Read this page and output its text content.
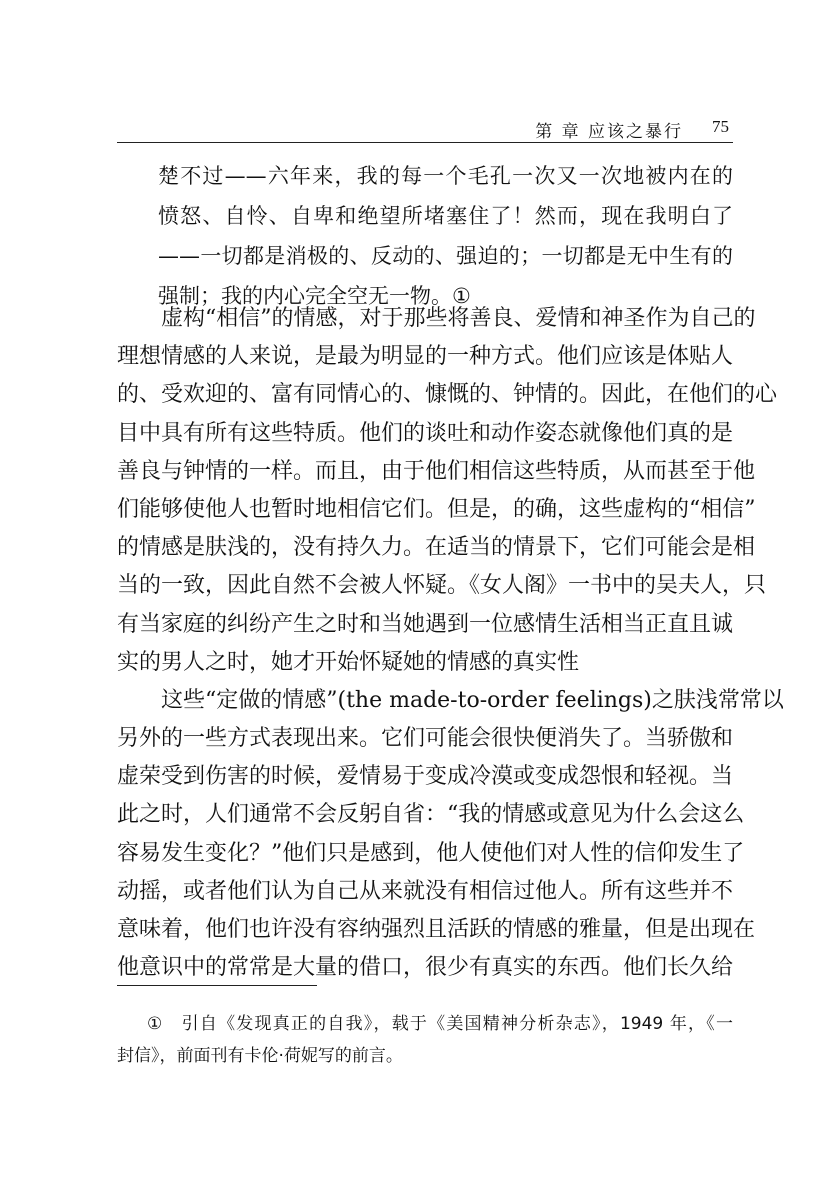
第 章 应该之暴行 75
楚不过——六年来，我的每一个毛孔一次又一次地被内在的
愤怒、自怜、自卑和绝望所堵塞住了！然而，现在我明白了
——一切都是消极的、反动的、强迫的；一切都是无中生有的
强制；我的内心完全空无一物。①
虚构“相信”的情感，对于那些将善良、爱情和神圣作为自己的
理想情感的人来说，是最为明显的一种方式。他们应该是体贴人
的、受欢迎的、富有同情心的、慷慨的、钟情的。因此，在他们的心
目中具有所有这些特质。他们的谈吐和动作姿态就像他们真的是
善良与钟情的一样。而且，由于他们相信这些特质，从而甚至于他
们能够使他人也暂时地相信它们。但是，的确，这些虚构的“相信”
的情感是肤浅的，没有持久力。在适当的情景下，它们可能会是相
当的一致，因此自然不会被人怀疑。《女人阁》一书中的吴夫人，只
有当家庭的纠纷产生之时和当她遇到一位感情生活相当正直且诚
实的男人之时，她才开始怀疑她的情感的真实性
这些“定做的情感”(the made-to-order feelings)之肤浅常常以
另外的一些方式表现出来。它们可能会很快便消失了。当骄傲和
虚荣受到伤害的时候，爱情易于变成冷漠或变成怨恨和轻视。当
此之时，人们通常不会反躬自省：“我的情感或意见为什么会这么
容易发生变化？”他们只是感到，他人使他们对人性的信仰发生了
动摇，或者他们认为自己从来就没有相信过他人。所有这些并不
意味着，他们也许没有容纳强烈且活跃的情感的雅量，但是出现在
他意识中的常常是大量的借口，很少有真实的东西。他们长久给
①　引自《发现真正的自我》，载于《美国精神分析杂志》，1949 年，《一
封信》，前面刊有卡伦·荷妮写的前言。
